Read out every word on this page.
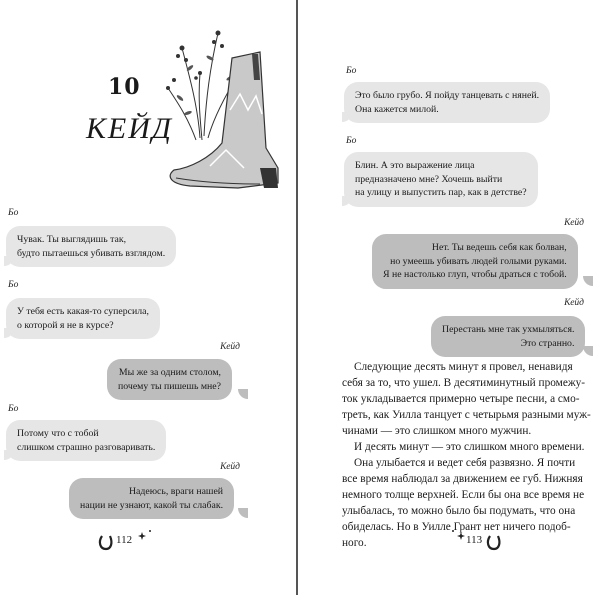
10
КЕЙД
Бо
Чувак. Ты выглядишь так,
будто пытаешься убивать взглядом.
Бо
У тебя есть какая-то суперсила,
о которой я не в курсе?
Кейд
Мы же за одним столом,
почему ты пишешь мне?
Бо
Потому что с тобой
слишком страшно разговаривать.
Кейд
Надеюсь, враги нашей
нации не узнают, какой ты слабак.
112
Бо
Это было грубо. Я пойду танцевать с няней.
Она кажется милой.
Бо
Блин. А это выражение лица
предназначено мне? Хочешь выйти
на улицу и выпустить пар, как в детстве?
Кейд
Нет. Ты ведешь себя как болван,
но умеешь убивать людей голыми руками.
Я не настолько глуп, чтобы драться с тобой.
Кейд
Перестань мне так ухмыляться.
Это странно.
113
Следующие десять минут я провел, ненавидя
себя за то, что ушел. В десятиминутный промежу-
ток укладывается примерно четыре песни, а смо-
треть, как Уилла танцует с четырьмя разными муж-
чинами — это слишком много мужчин.
И десять минут — это слишком много времени.
Она улыбается и ведет себя развязно. Я почти
все время наблюдал за движением ее губ. Нижняя
немного толще верхней. Если бы она все время не
улыбалась, то можно было бы подумать, что она
обиделась. Но в Уилле Грант нет ничего подоб-
ного.
